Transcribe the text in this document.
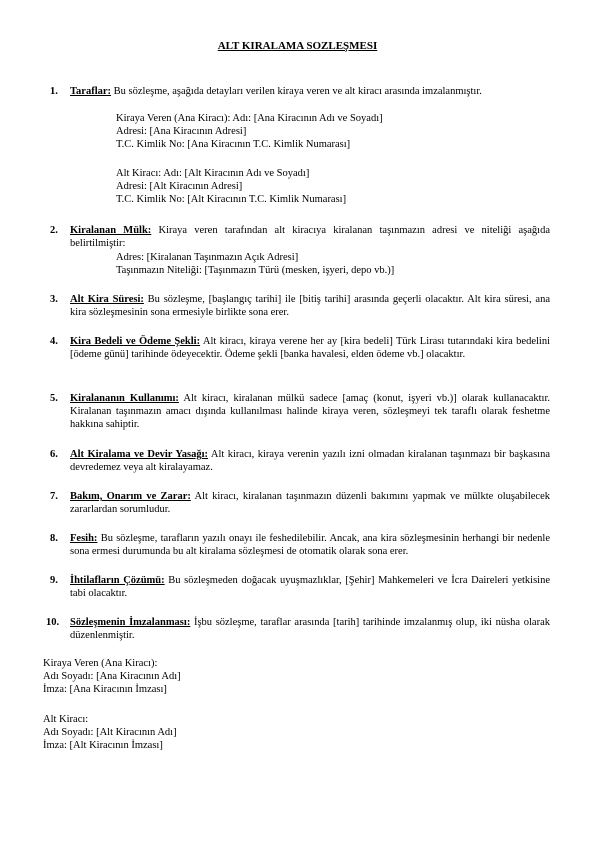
ALT KIRALAMA SOZLEŞMESI
1. Taraflar: Bu sözleşme, aşağıda detayları verilen kiraya veren ve alt kiracı arasında imzalanmıştır.
Kiraya Veren (Ana Kiracı): Adı: [Ana Kiracının Adı ve Soyadı]
Adresi: [Ana Kiracının Adresi]
T.C. Kimlik No: [Ana Kiracının T.C. Kimlik Numarası]
Alt Kiracı: Adı: [Alt Kiracının Adı ve Soyadı]
Adresi: [Alt Kiracının Adresi]
T.C. Kimlik No: [Alt Kiracının T.C. Kimlik Numarası]
2. Kiralanan Mülk: Kiraya veren tarafından alt kiracıya kiralanan taşınmazın adresi ve niteliği aşağıda belirtilmiştir:
Adres: [Kiralanan Taşınmazın Açık Adresi]
Taşınmazın Niteliği: [Taşınmazın Türü (mesken, işyeri, depo vb.)]
3. Alt Kira Süresi: Bu sözleşme, [başlangıç tarihi] ile [bitiş tarihi] arasında geçerli olacaktır. Alt kira süresi, ana kira sözleşmesinin sona ermesiyle birlikte sona erer.
4. Kira Bedeli ve Ödeme Şekli: Alt kiracı, kiraya verene her ay [kira bedeli] Türk Lirası tutarındaki kira bedelini [ödeme günü] tarihinde ödeyecektir. Ödeme şekli [banka havalesi, elden ödeme vb.] olacaktır.
5. Kiralananın Kullanımı: Alt kiracı, kiralanan mülkü sadece [amaç (konut, işyeri vb.)] olarak kullanacaktır. Kiralanan taşınmazın amacı dışında kullanılması halinde kiraya veren, sözleşmeyi tek taraflı olarak feshetme hakkına sahiptir.
6. Alt Kiralama ve Devir Yasağı: Alt kiracı, kiraya verenin yazılı izni olmadan kiralanan taşınmazı bir başkasına devredemez veya alt kiralayamaz.
7. Bakım, Onarım ve Zarar: Alt kiracı, kiralanan taşınmazın düzenli bakımını yapmak ve mülkte oluşabilecek zararlardan sorumludur.
8. Fesih: Bu sözleşme, tarafların yazılı onayı ile feshedilebilir. Ancak, ana kira sözleşmesinin herhangi bir nedenle sona ermesi durumunda bu alt kiralama sözleşmesi de otomatik olarak sona erer.
9. İhtilafların Çözümü: Bu sözleşmeden doğacak uyuşmazlıklar, [Şehir] Mahkemeleri ve İcra Daireleri yetkisine tabi olacaktır.
10. Sözleşmenin İmzalanması: İşbu sözleşme, taraflar arasında [tarih] tarihinde imzalanmış olup, iki nüsha olarak düzenlenmiştir.
Kiraya Veren (Ana Kiracı):
Adı Soyadı: [Ana Kiracının Adı]
İmza: [Ana Kiracının İmzası]
Alt Kiracı:
Adı Soyadı: [Alt Kiracının Adı]
İmza: [Alt Kiracının İmzası]
